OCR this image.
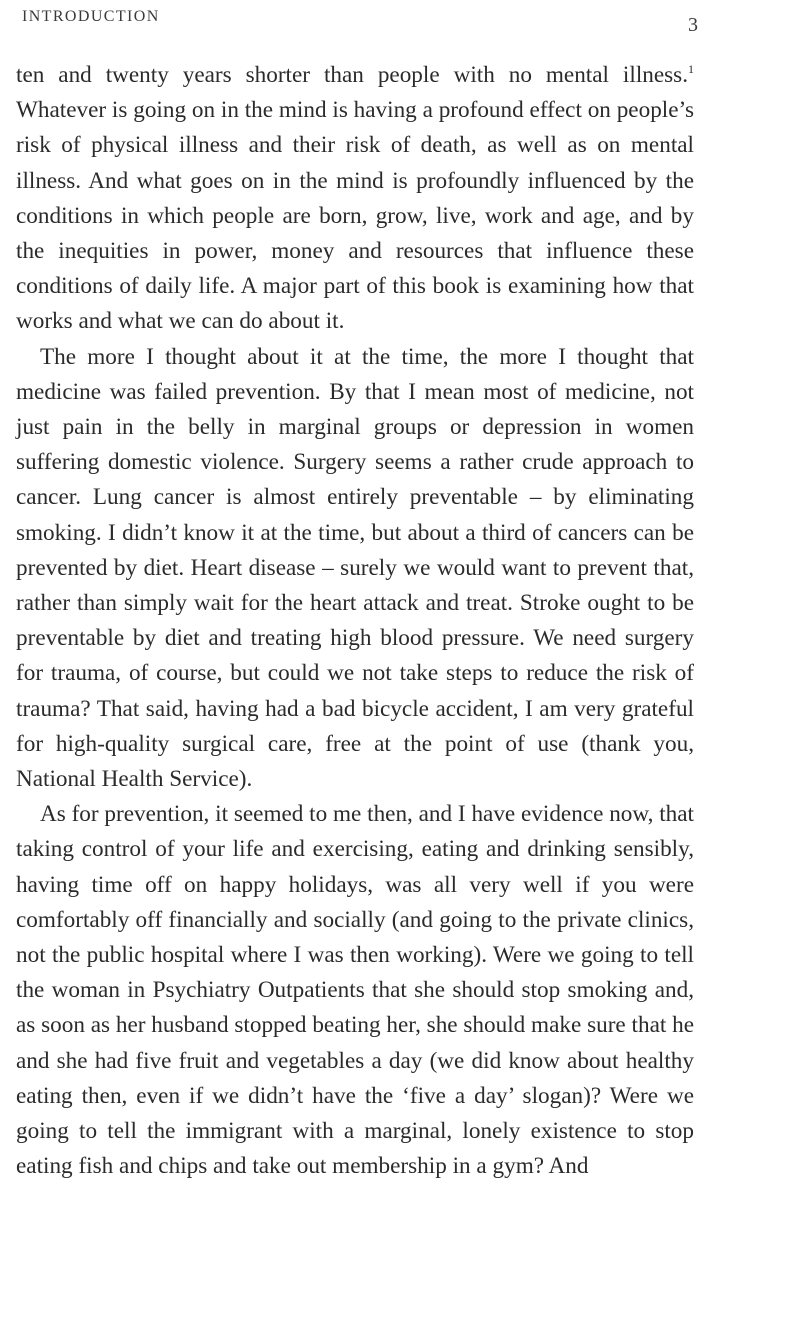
INTRODUCTION	3

ten and twenty years shorter than people with no mental illness.$^1$ Whatever is going on in the mind is having a profound effect on people’s risk of physical illness and their risk of death, as well as on mental illness. And what goes on in the mind is profoundly influenced by the conditions in which people are born, grow, live, work and age, and by the inequities in power, money and resources that influence these conditions of daily life. A major part of this book is examining how that works and what we can do about it.

The more I thought about it at the time, the more I thought that medicine was failed prevention. By that I mean most of medicine, not just pain in the belly in marginal groups or depression in women suffering domestic violence. Surgery seems a rather crude approach to cancer. Lung cancer is almost entirely preventable – by eliminating smoking. I didn’t know it at the time, but about a third of cancers can be prevented by diet. Heart disease – surely we would want to prevent that, rather than simply wait for the heart attack and treat. Stroke ought to be preventable by diet and treating high blood pressure. We need surgery for trauma, of course, but could we not take steps to reduce the risk of trauma? That said, having had a bad bicycle accident, I am very grateful for high-quality surgical care, free at the point of use (thank you, National Health Service).

As for prevention, it seemed to me then, and I have evidence now, that taking control of your life and exercising, eating and drinking sensibly, having time off on happy holidays, was all very well if you were comfortably off financially and socially (and going to the private clinics, not the public hospital where I was then working). Were we going to tell the woman in Psychiatry Outpatients that she should stop smoking and, as soon as her husband stopped beating her, she should make sure that he and she had five fruit and vegetables a day (we did know about healthy eating then, even if we didn’t have the ‘five a day’ slogan)? Were we going to tell the immigrant with a marginal, lonely existence to stop eating fish and chips and take out membership in a gym? And
